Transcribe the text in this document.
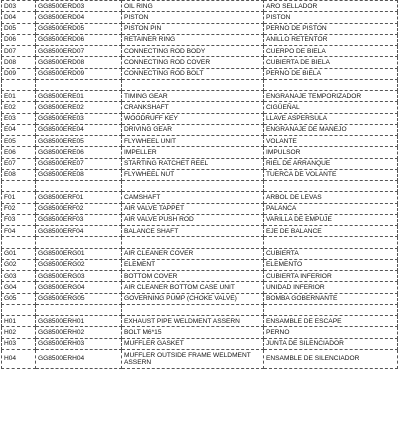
D03	GG8500ERD03	OIL RING	ARO SELLADOR
D04	GG8500ERD04	PISTON	PISTON
D05	GG8500ERD05	PISTON PIN	PERNO DE PISTON
D06	GG8500ERD06	RETAINER RING	ANILLO RETENTOR
D07	GG8500ERD07	CONNECTING ROD BODY	CUERPO DE BIELA
D08	GG8500ERD08	CONNECTING ROD COVER	CUBIERTA DE BIELA
D09	GG8500ERD09	CONNECTING ROD BOLT	PERNO DE BIELA

E01	GG8500ERE01	TIMING GEAR	ENGRANAJE TEMPORIZADOR
E02	GG8500ERE02	CRANKSHAFT	CIGÜEÑAL
E03	GG8500ERE03	WOODRUFF KEY	LLAVE ASPERSULA
E04	GG8500ERE04	DRIVING GEAR	ENGRANAJE DE MANEJO
E05	GG8500ERE05	FLYWHEEL UNIT	VOLANTE
E06	GG8500ERE06	IMPELLER	IMPULSOR
E07	GG8500ERE07	STARTING RATCHET REEL	RIEL DE ARRANQUE
E08	GG8500ERE08	FLYWHEEL NUT	TUERCA DE VOLANTE

F01	GG8500ERF01	CAMSHAFT	ARBOL DE LEVAS
F02	GG8500ERF02	AIR VALVE TAPPET	PALANCA
F03	GG8500ERF03	AIR VALVE PUSH ROD	VARILLA DE EMPUJE
F04	GG8500ERF04	BALANCE SHAFT	EJE DE BALANCE

G01	GG8500ERG01	AIR CLEANER COVER	CUBIERTA
G02	GG8500ERG02	ELEMENT	ELEMENTO
G03	GG8500ERG03	BOTTOM COVER	CUBIERTA INFERIOR
G04	GG8500ERG04	AIR CLEANER BOTTOM CASE UNIT	UNIDAD INFERIOR
G05	GG8500ERG05	GOVERNING PUMP (CHOKE VALVE)	BOMBA GOBERNANTE

H01	GG8500ERH01	EXHAUST PIPE WELDMENT ASSERN	ENSAMBLE DE ESCAPE
H02	GG8500ERH02	BOLT M6*15	PERNO
H03	GG8500ERH03	MUFFLER GASKET	JUNTA DE SILENCIADOR
H04	GG8500ERH04	MUFFLER OUTSIDE FRAME WELDMENT ASSERN	ENSAMBLE DE SILENCIADOR
